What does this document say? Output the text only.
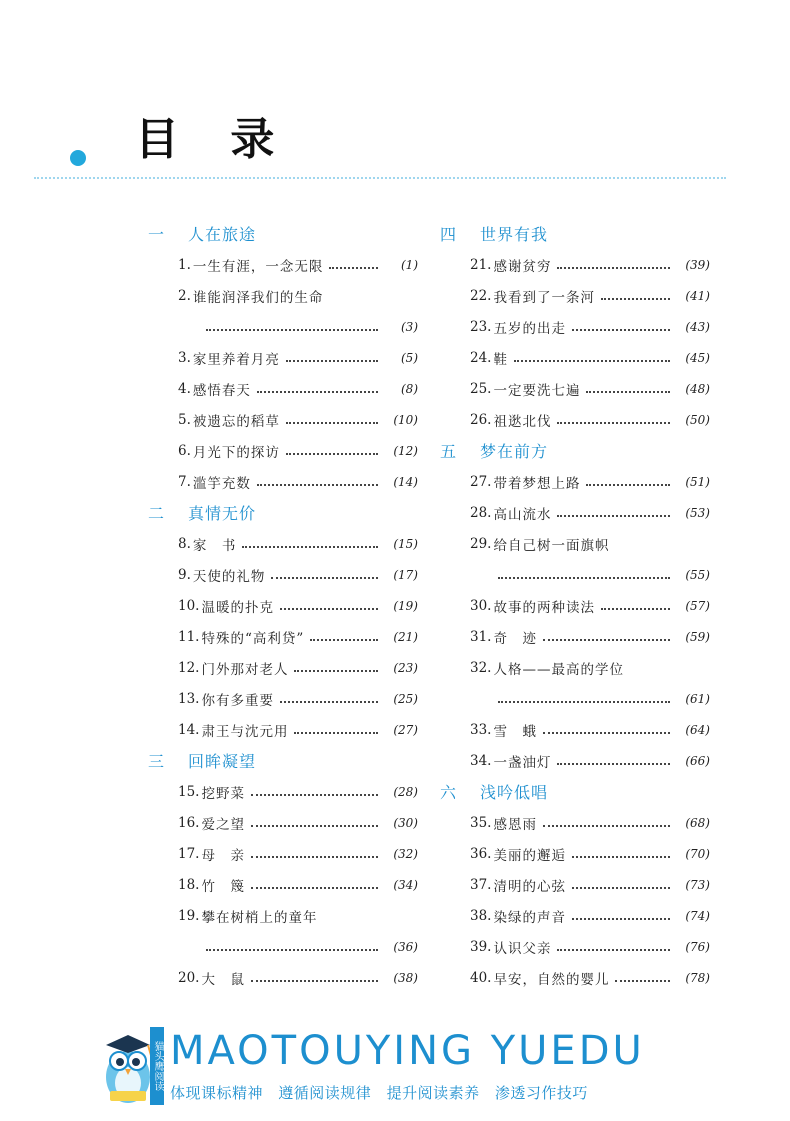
目 录
一	人在旅途
1. 一生有涯，一念无限	(1)
2. 谁能润泽我们的生命
(3)
3. 家里养着月亮	(5)
4. 感悟春天	(8)
5. 被遗忘的稻草	(10)
6. 月光下的探访	(12)
7. 滥竽充数	(14)
二	真情无价
8. 家　书	(15)
9. 天使的礼物	(17)
10. 温暖的扑克	(19)
11. 特殊的“高利贷”	(21)
12. 门外那对老人	(23)
13. 你有多重要	(25)
14. 肃王与沈元用	(27)
三	回眸凝望
15. 挖野菜	(28)
16. 爱之望	(30)
17. 母　亲	(32)
18. 竹　篾	(34)
19. 攀在树梢上的童年
(36)
20. 大　鼠	(38)
四	世界有我
21. 感谢贫穷	(39)
22. 我看到了一条河	(41)
23. 五岁的出走	(43)
24. 鞋	(45)
25. 一定要洗七遍	(48)
26. 祖逖北伐	(50)
五	梦在前方
27. 带着梦想上路	(51)
28. 高山流水	(53)
29. 给自己树一面旗帜
(55)
30. 故事的两种读法	(57)
31. 奇　迹	(59)
32. 人格——最高的学位
(61)
33. 雪　蛾	(64)
34. 一盏油灯	(66)
六	浅吟低唱
35. 感恩雨	(68)
36. 美丽的邂逅	(70)
37. 清明的心弦	(73)
38. 染绿的声音	(74)
39. 认识父亲	(76)
40. 早安，自然的婴儿	(78)
猫头鹰阅读 MAOTOUYING YUEDU
体现课标精神 遵循阅读规律 提升阅读素养 渗透习作技巧
